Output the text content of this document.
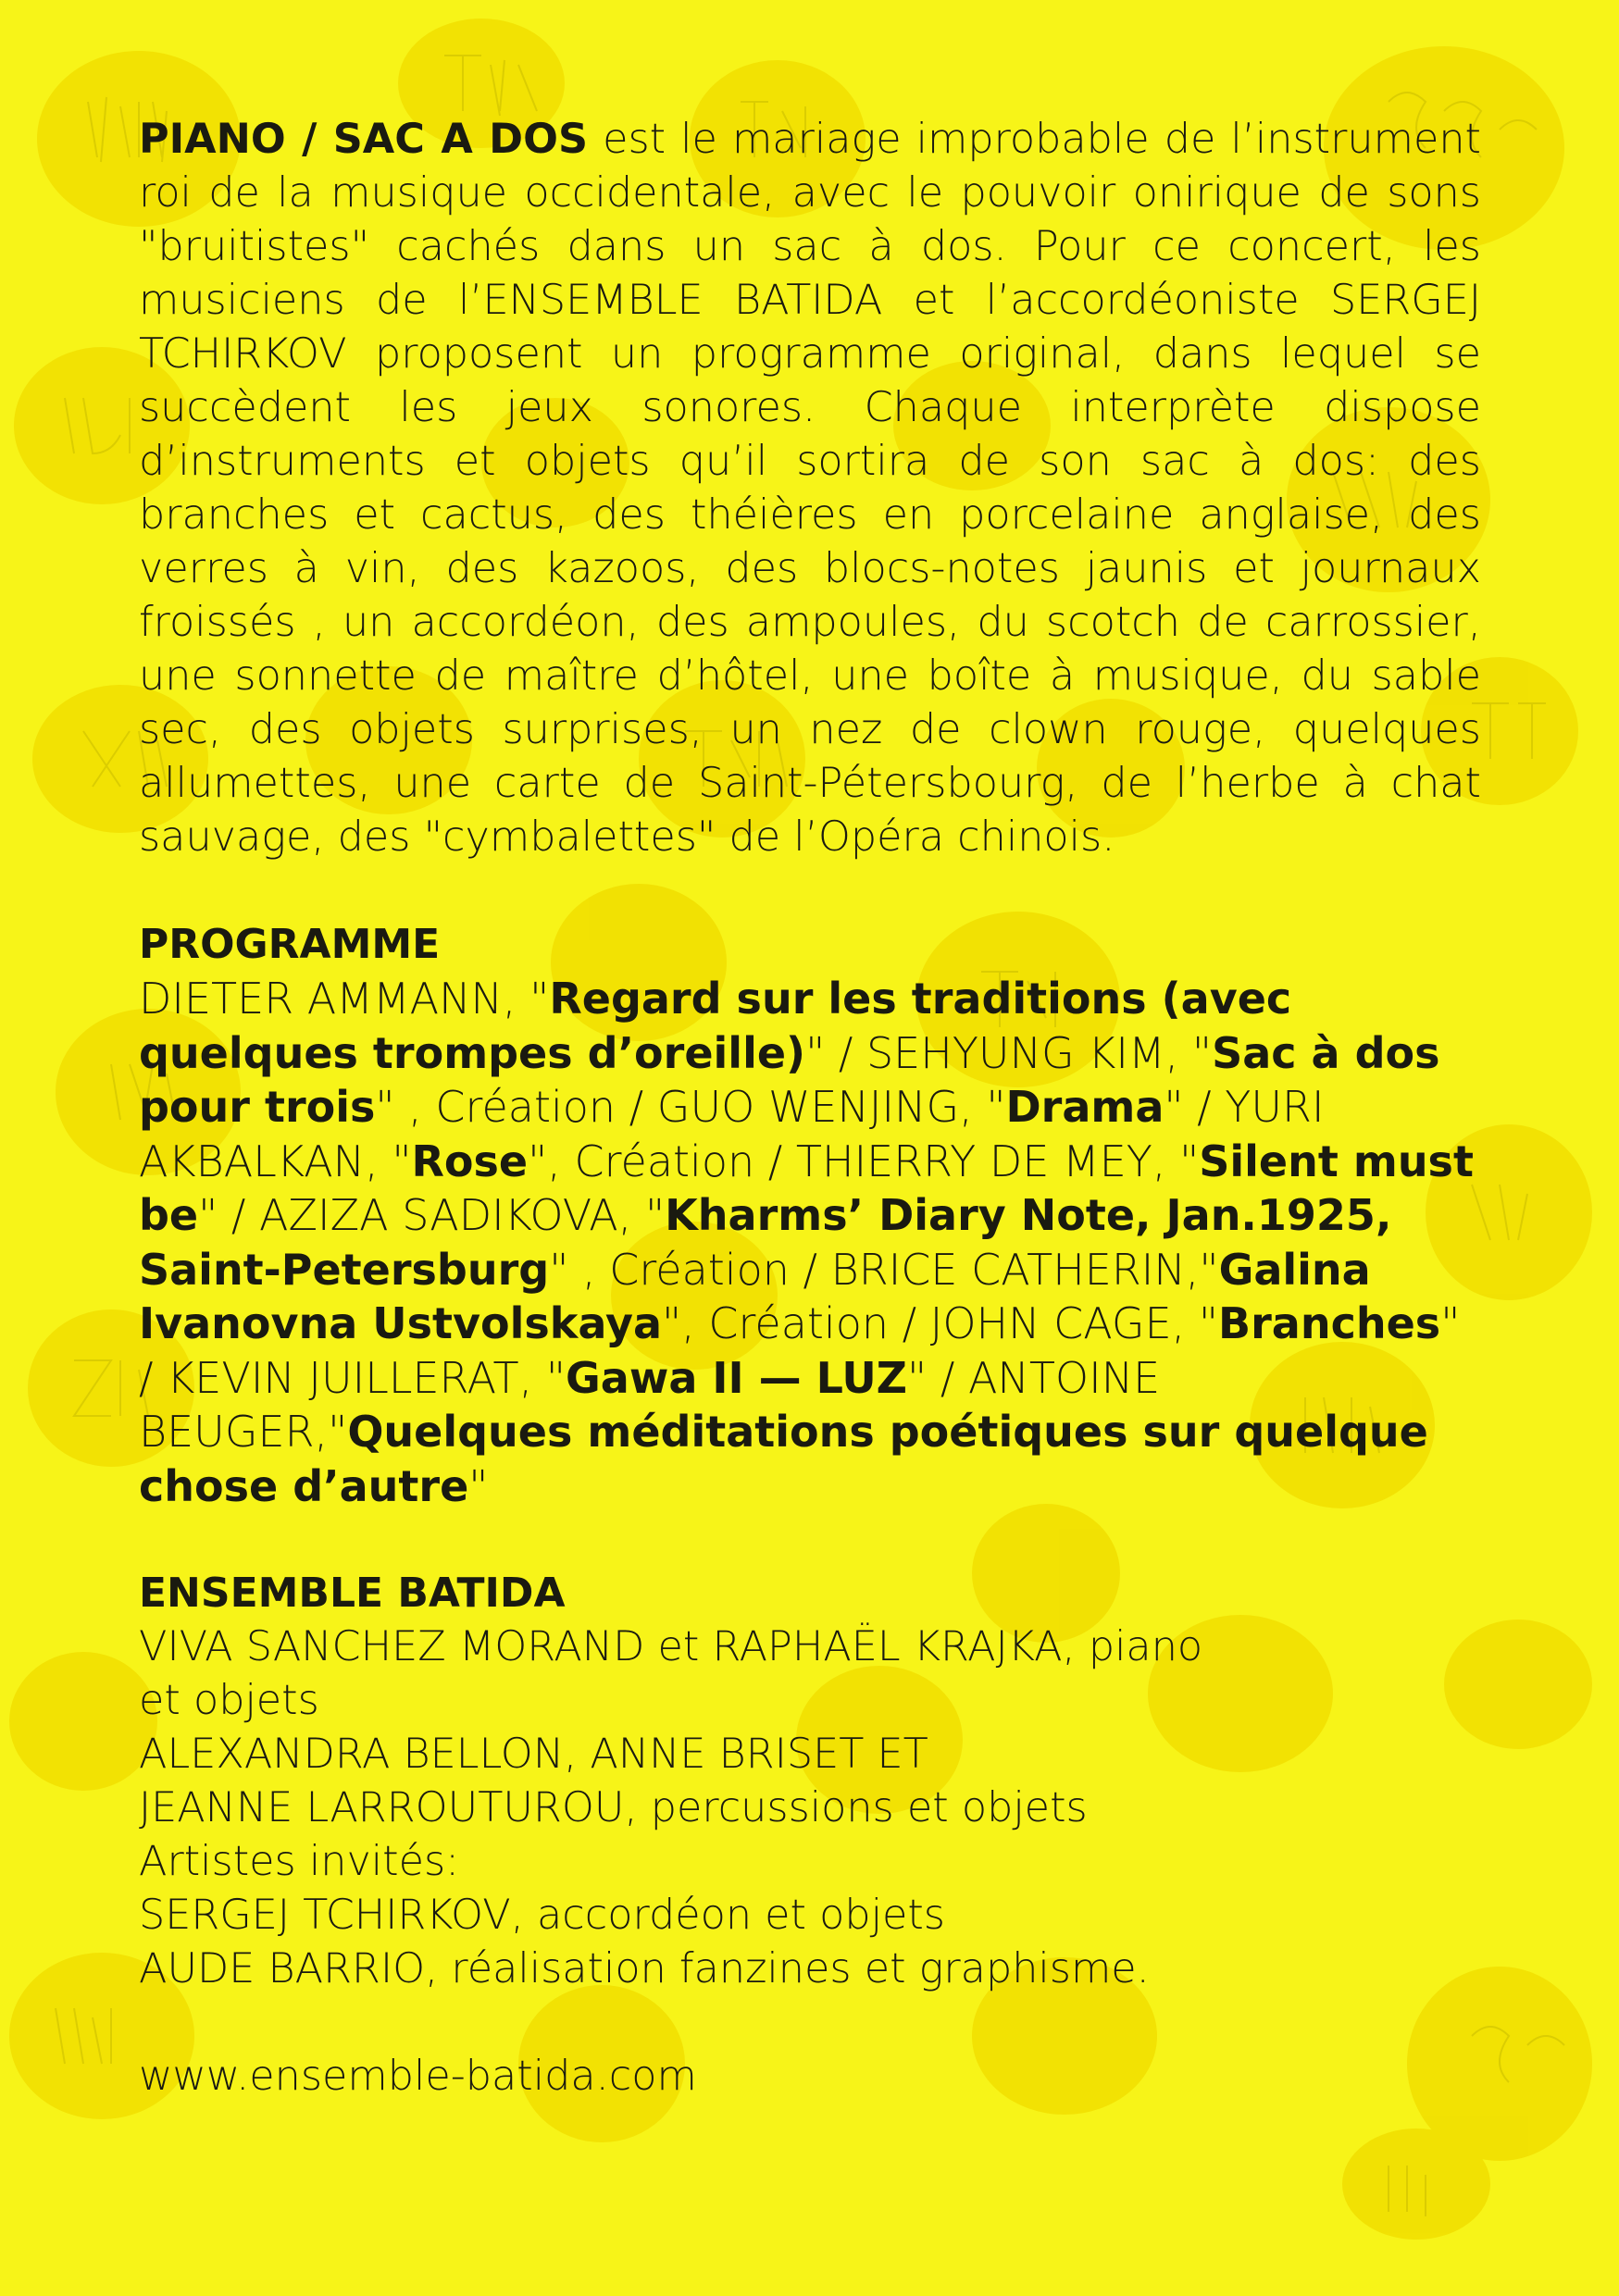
PIANO / SAC A DOS est le mariage improbable de l’instrument roi de la musique occidentale, avec le pouvoir onirique de sons "bruitistes" cachés dans un sac à dos. Pour ce concert, les musiciens de l’ENSEMBLE BATIDA et l’accordéoniste SERGEJ TCHIRKOV proposent un programme original, dans lequel se succèdent les jeux sonores. Chaque interprète dispose d’instruments et objets qu’il sortira de son sac à dos: des branches et cactus, des théières en porcelaine anglaise, des verres à vin, des kazoos, des blocs-notes jaunis et journaux froissés , un accordéon, des ampoules, du scotch de carrossier, une sonnette de maître d’hôtel, une boîte à musique, du sable sec, des objets surprises, un nez de clown rouge, quelques allumettes, une carte de Saint-Pétersbourg, de l’herbe à chat sauvage, des "cymbalettes" de l’Opéra chinois.

PROGRAMME

DIETER AMMANN, "Regard sur les traditions (avec quelques trompes d’oreille)" / SEHYUNG KIM, "Sac à dos pour trois" , Création / GUO WENJING, "Drama" / YURI AKBALKAN, "Rose", Création / THIERRY DE MEY, "Silent must be" / AZIZA SADIKOVA, "Kharms’ Diary Note, Jan.1925, Saint-Petersburg" , Création / BRICE CATHERIN,"Galina Ivanovna Ustvolskaya", Création / JOHN CAGE, "Branches" / KEVIN JUILLERAT, "Gawa II — LUZ" / ANTOINE BEUGER,"Quelques méditations poétiques sur quelque chose d’autre"

ENSEMBLE BATIDA

VIVA SANCHEZ MORAND et RAPHAËL KRAJKA, piano

et objets

ALEXANDRA BELLON, ANNE BRISET ET

JEANNE LARROUTUROU, percussions et objets

Artistes invités:

SERGEJ TCHIRKOV, accordéon et objets

AUDE BARRIO, réalisation fanzines et graphisme.

www.ensemble-batida.com
